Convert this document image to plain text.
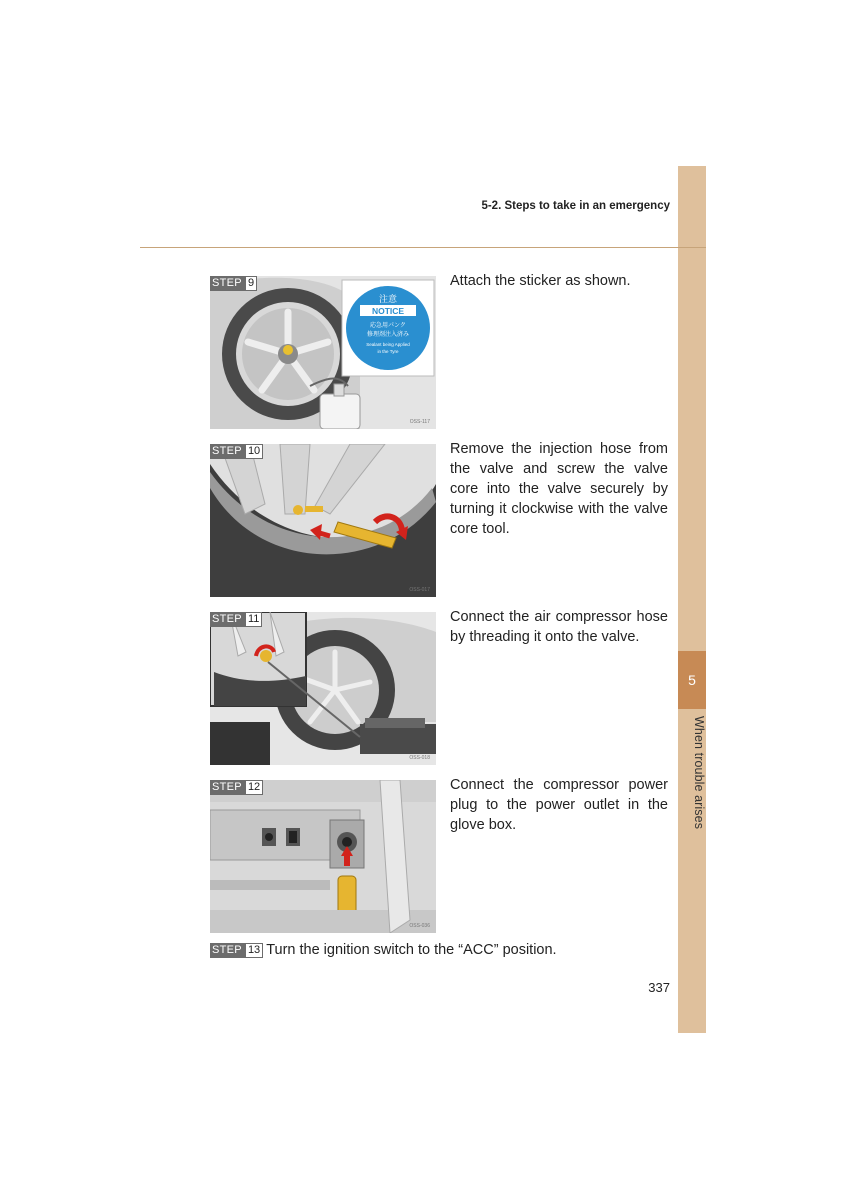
5
When trouble arises
5-2. Steps to take in an emergency
注意
NOTICE
応急用パンク
修理剤注入済み
Sealant being Applied
in the Tyre
OSS-117
STEP 9	Attach the sticker as shown.
OSS-017
STEP 10	Remove the injection hose from the valve and screw the valve core into the valve securely by turning it clockwise with the valve core tool.
OSS-018
STEP 11	Connect the air compressor hose by threading it onto the valve.
OSS-036
STEP 12	Connect the compressor power plug to the power outlet in the glove box.
STEP 13 Turn the ignition switch to the “ACC” position.
337
